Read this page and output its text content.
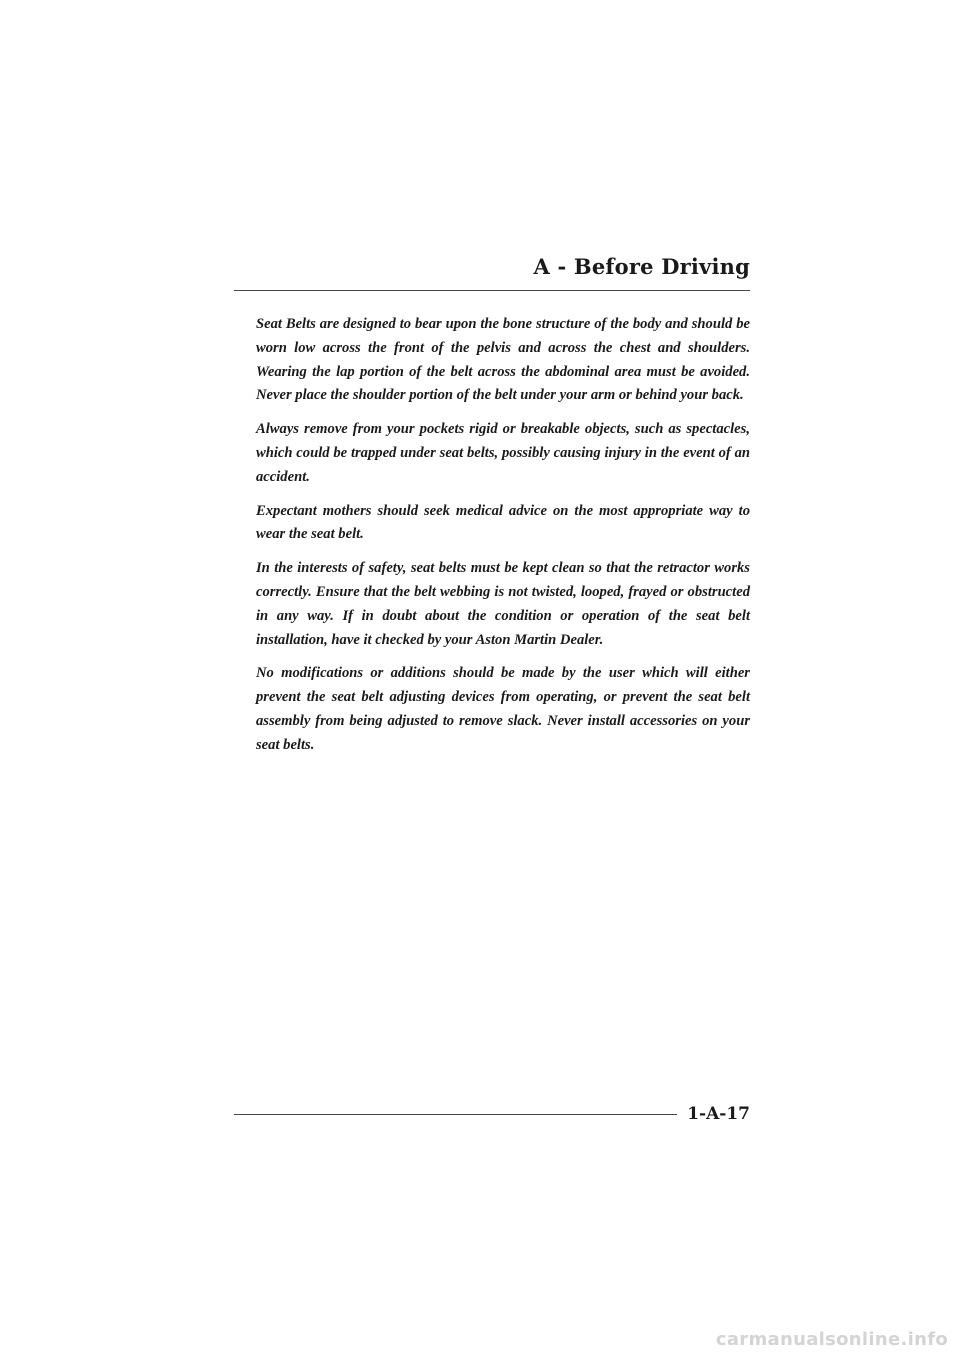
A - Before Driving

Seat Belts are designed to bear upon the bone structure of the body and should be worn low across the front of the pelvis and across the chest and shoulders. Wearing the lap portion of the belt across the abdominal area must be avoided. Never place the shoulder portion of the belt under your arm or behind your back.

Always remove from your pockets rigid or breakable objects, such as spectacles, which could be trapped under seat belts, possibly causing injury in the event of an accident.

Expectant mothers should seek medical advice on the most appropriate way to wear the seat belt.

In the interests of safety, seat belts must be kept clean so that the retractor works correctly. Ensure that the belt webbing is not twisted, looped, frayed or obstructed in any way. If in doubt about the condition or operation of the seat belt installation, have it checked by your Aston Martin Dealer.

No modifications or additions should be made by the user which will either prevent the seat belt adjusting devices from operating, or prevent the seat belt assembly from being adjusted to remove slack. Never install accessories on your seat belts.

1-A-17
carmanualsonline.info
